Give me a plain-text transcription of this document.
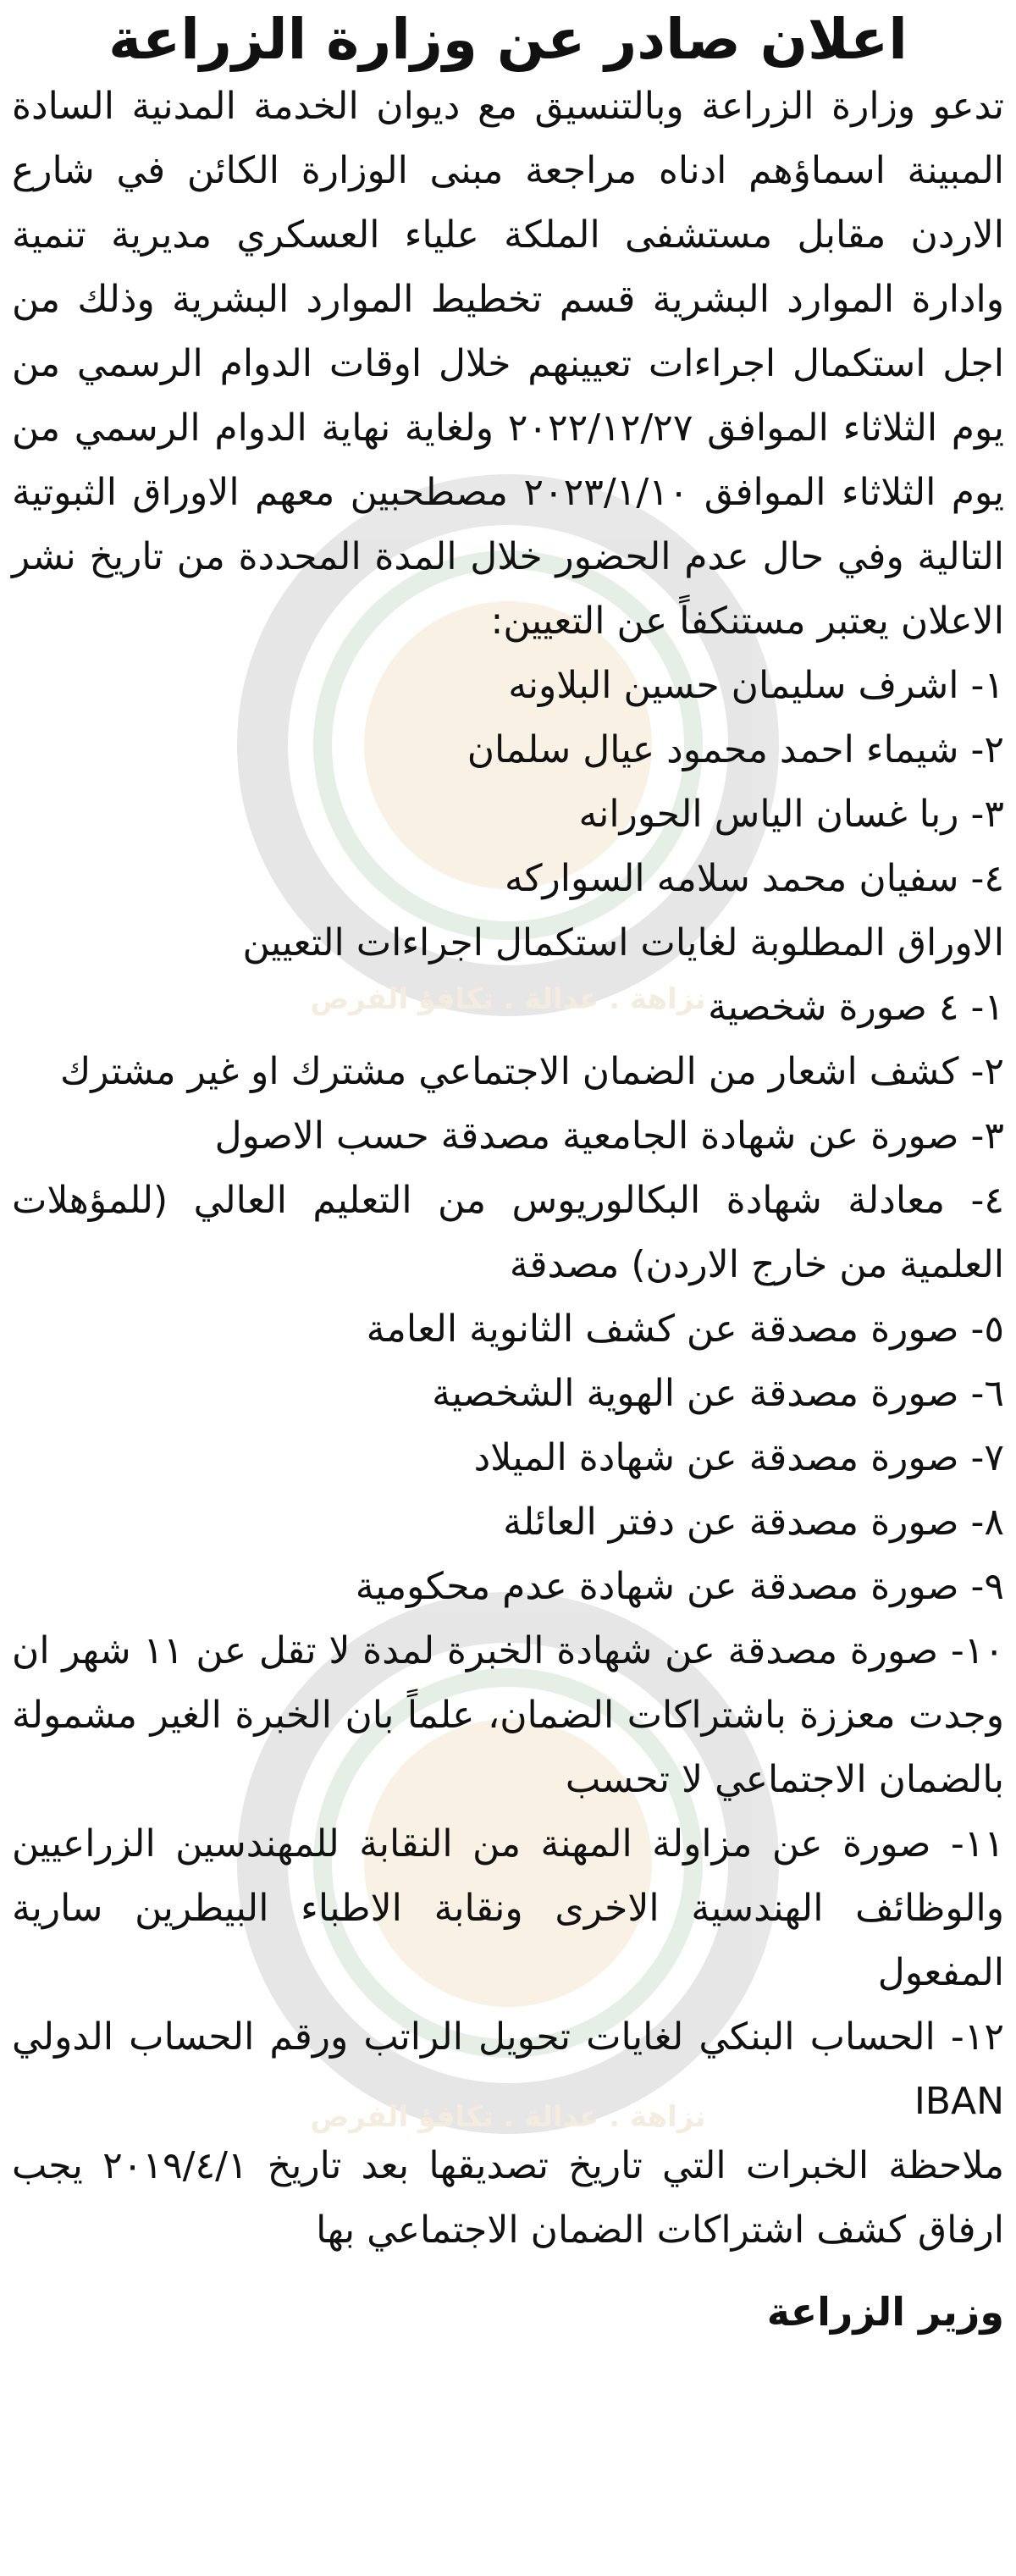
نزاهة . عدالة . تكافؤ الفرص
نزاهة . عدالة . تكافؤ الفرص
اعلان صادر عن وزارة الزراعة

تدعو وزارة الزراعة وبالتنسيق مع ديوان الخدمة المدنية السادة المبينة اسماؤهم ادناه مراجعة مبنى الوزارة الكائن في شارع الاردن مقابل مستشفى الملكة علياء العسكري مديرية تنمية وادارة الموارد البشرية قسم تخطيط الموارد البشرية وذلك من اجل استكمال اجراءات تعيينهم خلال اوقات الدوام الرسمي من يوم الثلاثاء الموافق ٢٠٢٢/١٢/٢٧ ولغاية نهاية الدوام الرسمي من يوم الثلاثاء الموافق ٢٠٢٣/١/١٠ مصطحبين معهم الاوراق الثبوتية التالية وفي حال عدم الحضور خلال المدة المحددة من تاريخ نشر الاعلان يعتبر مستنكفاً عن التعيين:

١- اشرف سليمان حسين البلاونه
٢- شيماء احمد محمود عيال سلمان
٣- ربا غسان الياس الحورانه
٤- سفيان محمد سلامه السواركه

الاوراق المطلوبة لغايات استكمال اجراءات التعيين

١- ٤ صورة شخصية
٢- كشف اشعار من الضمان الاجتماعي مشترك او غير مشترك
٣- صورة عن شهادة الجامعية مصدقة حسب الاصول
٤- معادلة شهادة البكالوريوس من التعليم العالي (للمؤهلات العلمية من خارج الاردن) مصدقة
٥- صورة مصدقة عن كشف الثانوية العامة
٦- صورة مصدقة عن الهوية الشخصية
٧- صورة مصدقة عن شهادة الميلاد
٨- صورة مصدقة عن دفتر العائلة
٩- صورة مصدقة عن شهادة عدم محكومية
١٠- صورة مصدقة عن شهادة الخبرة لمدة لا تقل عن ١١ شهر ان وجدت معززة باشتراكات الضمان، علماً بان الخبرة الغير مشمولة بالضمان الاجتماعي لا تحسب
١١- صورة عن مزاولة المهنة من النقابة للمهندسين الزراعيين والوظائف الهندسية الاخرى ونقابة الاطباء البيطرين سارية المفعول
١٢- الحساب البنكي لغايات تحويل الراتب ورقم الحساب الدولي IBAN

ملاحظة الخبرات التي تاريخ تصديقها بعد تاريخ ٢٠١٩/٤/١ يجب ارفاق كشف اشتراكات الضمان الاجتماعي بها

وزير الزراعة
